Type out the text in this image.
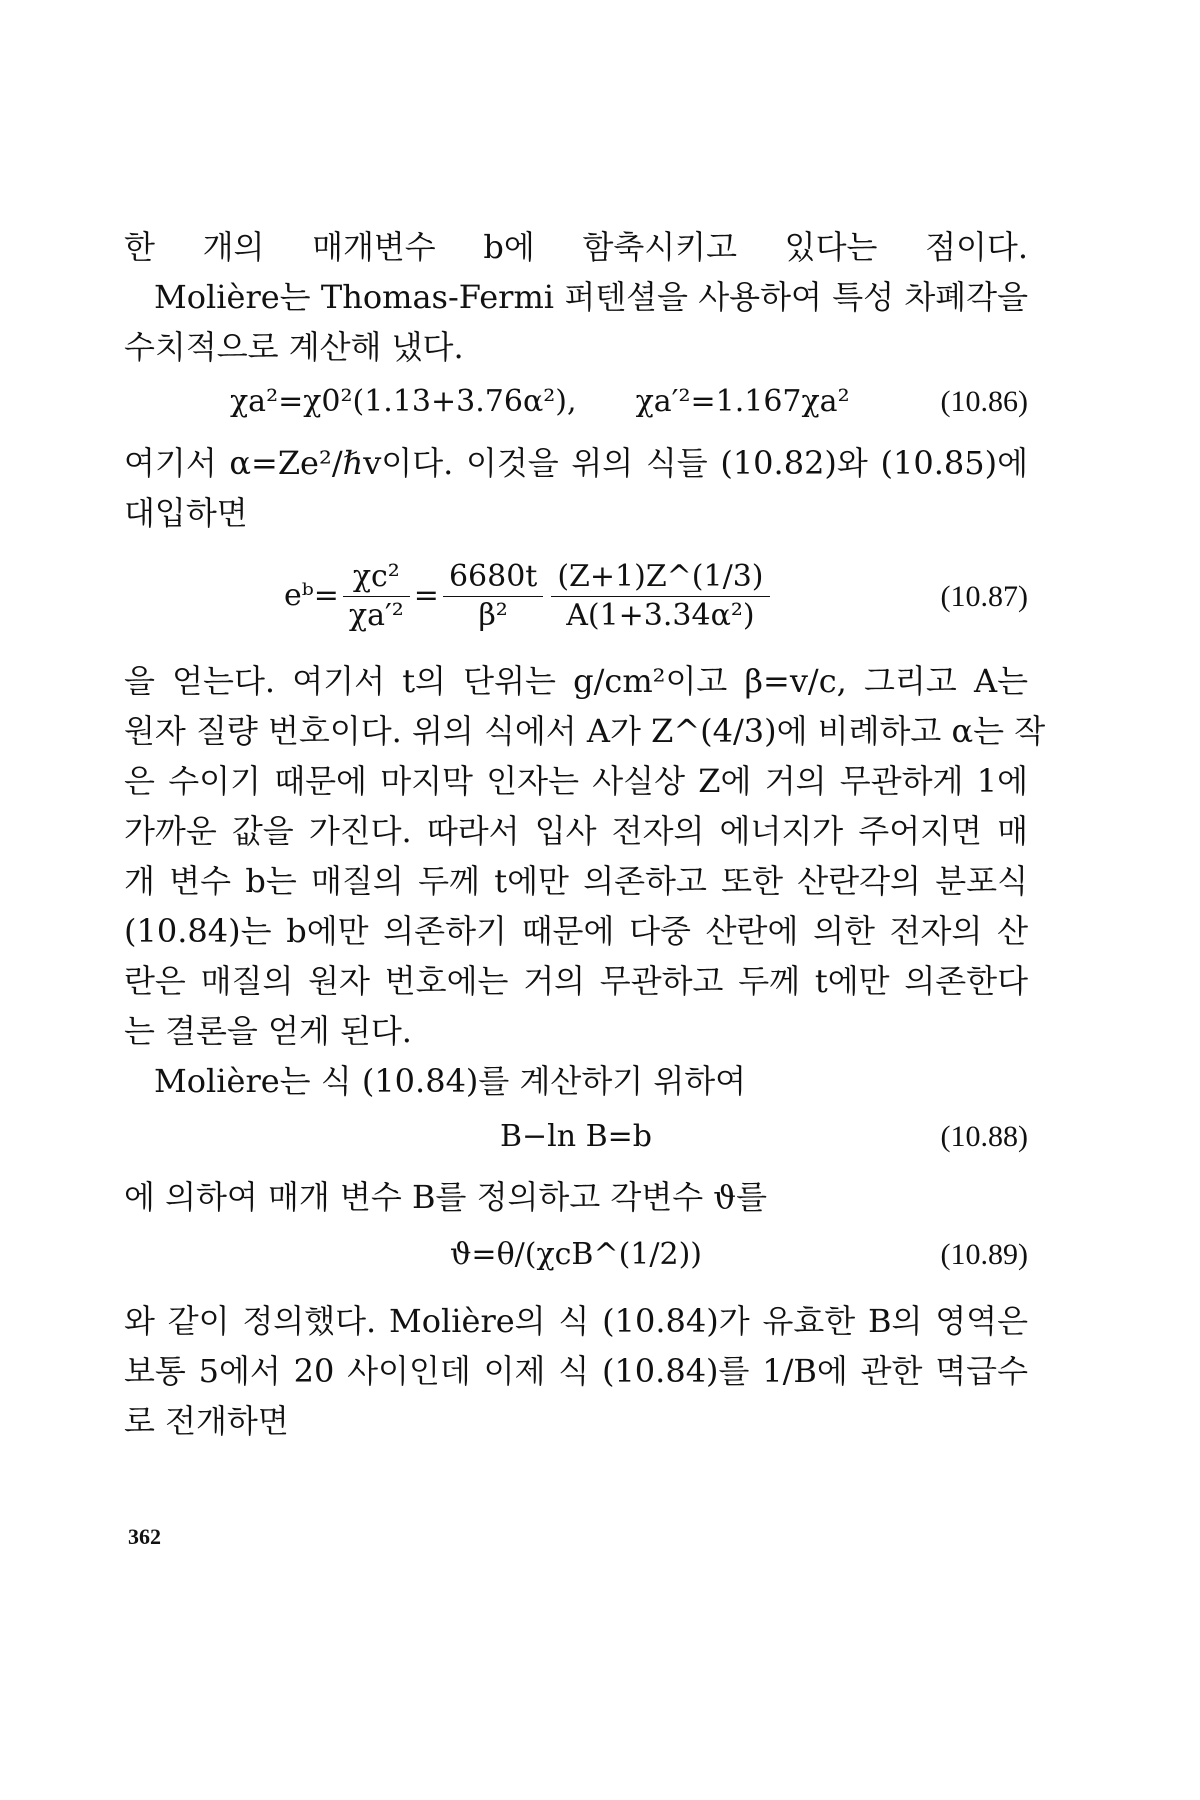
한 개의 매개변수 b에 함축시키고 있다는 점이다.
Molière는 Thomas-Fermi 퍼텐셜을 사용하여 특성 차폐각을
수치적으로 계산해 냈다.
χa²=χ0²(1.13+3.76α²), χa′²=1.167χa²	(10.86)
여기서 α=Ze²/ℏv이다. 이것을 위의 식들 (10.82)와 (10.85)에
대입하면
eᵇ= $\frac{\text{χc²}}{\text{χa′²}} = \frac{6680t}{\text{β²}} \frac{(Z+1)Z\^{}(1/3)}{\text{A(1+3.34α²)}}$	(10.87)
을 얻는다. 여기서 t의 단위는 g/cm²이고 β=v/c, 그리고 A는
원자 질량 번호이다. 위의 식에서 A가 Z^(4/3)에 비례하고 α는 작
은 수이기 때문에 마지막 인자는 사실상 Z에 거의 무관하게 1에
가까운 값을 가진다. 따라서 입사 전자의 에너지가 주어지면 매
개 변수 b는 매질의 두께 t에만 의존하고 또한 산란각의 분포식
(10.84)는 b에만 의존하기 때문에 다중 산란에 의한 전자의 산
란은 매질의 원자 번호에는 거의 무관하고 두께 t에만 의존한다
는 결론을 얻게 된다.
Molière는 식 (10.84)를 계산하기 위하여
B−ln B=b	(10.88)
에 의하여 매개 변수 B를 정의하고 각변수 ϑ를
ϑ=θ/(χcB^(1/2))	(10.89)
와 같이 정의했다. Molière의 식 (10.84)가 유효한 B의 영역은
보통 5에서 20 사이인데 이제 식 (10.84)를 1/B에 관한 멱급수
로 전개하면
362
